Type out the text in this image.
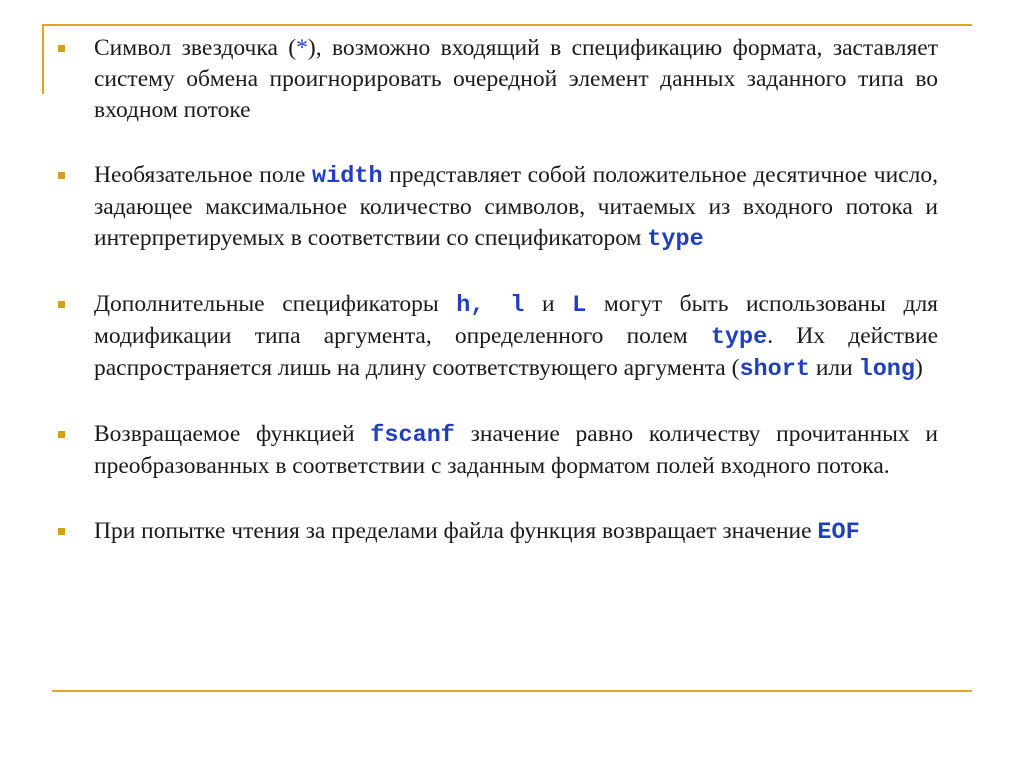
Символ звездочка (*), возможно входящий в спецификацию формата, заставляет систему обмена проигнорировать очередной элемент данных заданного типа во входном потоке
Необязательное поле width представляет собой положительное десятичное число, задающее максимальное количество символов, читаемых из входного потока и интерпретируемых в соответствии со спецификатором type
Дополнительные спецификаторы h, l и L могут быть использованы для модификации типа аргумента, определенного полем type. Их действие распространяется лишь на длину соответствующего аргумента (short или long)
Возвращаемое функцией fscanf значение равно количеству прочитанных и преобразованных в соответствии с заданным форматом полей входного потока.
При попытке чтения за пределами файла функция возвращает значение EOF
